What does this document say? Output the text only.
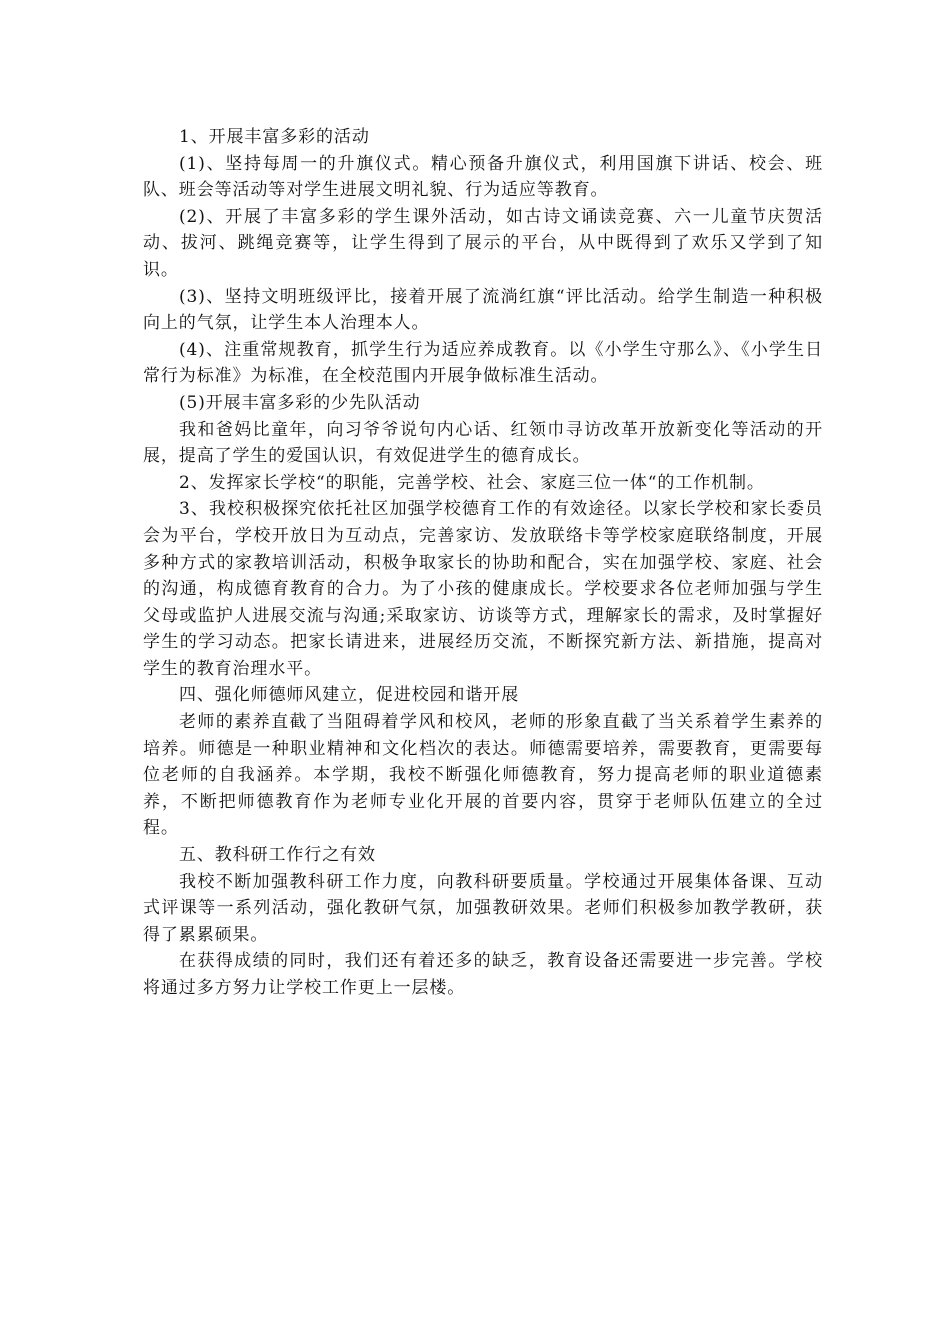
1、开展丰富多彩的活动

(1)、坚持每周一的升旗仪式。精心预备升旗仪式，利用国旗下讲话、校会、班队、班会等活动等对学生进展文明礼貌、行为适应等教育。

(2)、开展了丰富多彩的学生课外活动，如古诗文诵读竞赛、六一儿童节庆贺活动、拔河、跳绳竞赛等，让学生得到了展示的平台，从中既得到了欢乐又学到了知识。

(3)、坚持文明班级评比，接着开展了流淌红旗“评比活动。给学生制造一种积极向上的气氛，让学生本人治理本人。

(4)、注重常规教育，抓学生行为适应养成教育。以《小学生守那么》、《小学生日常行为标准》为标准，在全校范围内开展争做标准生活动。

(5)开展丰富多彩的少先队活动

我和爸妈比童年，向习爷爷说句内心话、红领巾寻访改革开放新变化等活动的开展，提高了学生的爱国认识，有效促进学生的德育成长。

2、发挥家长学校“的职能，完善学校、社会、家庭三位一体“的工作机制。

3、我校积极探究依托社区加强学校德育工作的有效途径。以家长学校和家长委员会为平台，学校开放日为互动点，完善家访、发放联络卡等学校家庭联络制度，开展多种方式的家教培训活动，积极争取家长的协助和配合，实在加强学校、家庭、社会的沟通，构成德育教育的合力。为了小孩的健康成长。学校要求各位老师加强与学生父母或监护人进展交流与沟通;采取家访、访谈等方式，理解家长的需求，及时掌握好学生的学习动态。把家长请进来，进展经历交流，不断探究新方法、新措施，提高对学生的教育治理水平。

四、强化师德师风建立，促进校园和谐开展

老师的素养直截了当阻碍着学风和校风，老师的形象直截了当关系着学生素养的培养。师德是一种职业精神和文化档次的表达。师德需要培养，需要教育，更需要每位老师的自我涵养。本学期，我校不断强化师德教育，努力提高老师的职业道德素养，不断把师德教育作为老师专业化开展的首要内容，贯穿于老师队伍建立的全过程。

五、教科研工作行之有效

我校不断加强教科研工作力度，向教科研要质量。学校通过开展集体备课、互动式评课等一系列活动，强化教研气氛，加强教研效果。老师们积极参加教学教研，获得了累累硕果。

在获得成绩的同时，我们还有着还多的缺乏，教育设备还需要进一步完善。学校将通过多方努力让学校工作更上一层楼。
